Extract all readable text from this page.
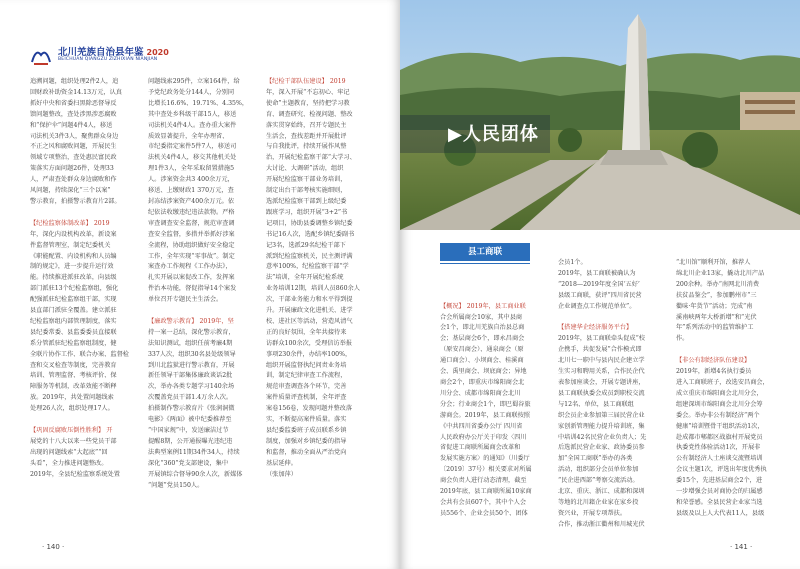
北川羌族自治县年鉴 2020
BEICHUAN QIANGZU ZIZHIXIAN NIANJIAN
追溯问题，组织处理2件2人，追
回财政补助资金14.13万元，认真
抓好中央和省委扫黑除恶督导反
馈问题整改，查处涉黑涉恶腐败
和“保护伞”问题4件4人，移送
司法机关3件3人，聚焦群众身边
不正之风和腐败问题，开展民生
领域专项整治，查处惠民富民政
策落实方面问题26件，处理33
人，严肃查处群众身边腐败和作
风问题，持续深化“三个以案”
警示教育，拍摄警示教育片2部。

【纪检监察体制改革】 2019
年，深化内设机构改革，新设案
件监督管理室，制定纪委机关
《职能配置、内设机构和人员编
制的规定》，进一步提升运行效
能。持续推进派驻改革，向县级
部门派驻13个纪检监察组，强化
配强派驻纪检监察组干部，实现
县直部门派驻全覆盖。建立派驻
纪检监察组内部管理制度，落实
县纪委常委、县监委委员直接联
系分管派驻纪检监察组制度，健
全联片协作工作、联合办案、监督检
查和交叉检查等制度，完善教育
培训、管理监督、考核评价、保
障服务等机制，改革效能不断释
放。2019年，共处置问题线索
处理26人次，组织处理17人。

【巩固反腐败压倒性胜利】 开
展党的十八大以来一些党员干部
出现的问题线索“大起底”“回
头看”，全力推进问题整改。
2019年，全县纪检监察系统处置
问题线索295件，立案164件，给
予党纪政务处分144人，分别同
比增长16.6%、19.71%、4.35%，
其中查处乡科级干部15人，移送
司法机关4件4人。查办重大案件
质效显著提升，全年办理省、
市纪委指定案件5件7人，移送司
法机关4件4人，移交其他机关处
理1件3人，全年采取留置措施5
人。涉案资金共3 400余万元，
移送、上缴财政1 370万元，查
封冻结涉案资产400余万元。依
纪依法收缴违纪违法款物。严格
审查调查安全监督，规范审查调
查安全监督，多措并举抓好涉案
全流程，协助组织做好安全稳定
工作，全年实现“零事故”。制定
案查办工作规程《工作办法》，
扎实开展以案促改工作，发挥案
件治本功能，督促指导14个案发
单位召开专题民主生活会。

【廉政警示教育】 2019年，坚
持一案一总结，深化警示教育，
法知识测试，组织任前考廉4期
337人次，组织30名县处级领导
到川北监狱进行警示教育，开展
新任领导干部集体廉政谈话2批
次，举办各类专题学习140余场
次覆盖党员干部1.4万余人次。
拍摄制作警示教育片《张润洞微
电影》《两面》被中纪委推荐至
“中国家规”中，发送廉洁过节
提醒8期，公开通报曝光违纪违
法典型案例11期34件34人，持续
深化“360”党支部建设，集中
开展镇综合督导90余人次，新媒体
“问题”党员150人。
【纪检干部队伍建设】 2019
年，深入开展“不忘初心、牢记
使命”主题教育，坚持把学习教
育、调查研究、检视问题、整改
落实贯穿始终，召开专题民主
生活会，查找差距并开展批评
与自我批评，持续开展作风整
治，开展纪检监察干部“大学习、
大讨论、大调研”活动，组织
开展纪检监察干部业务培训，
制定出台干部考核实施细则，
选派纪检监察干部到上级纪委
跟班学习，组织开展“3+2”书
记项目，协助县委调整乡镇纪委
书记16人次，选配乡镇纪委副书
记3名，选派29名纪检干部下
派到纪检监察机关，民主测评满
意率100%，纪检监察干部“学
法”培训，全年开展纪检系统
业务培训12期，培训人员860余人
次，干部业务能力和水平得到提
升。开展廉政文化进机关、进学
校、进社区等活动，营造风清气
正的良好氛围，全年共接待来
访群众100余次，受理信访举报
事项230余件，办结率100%，
组织开展监督执纪问责业务培
训，制定纪律审查工作流程，
规范审查调查各个环节，完善
案件质量评查机制，全年评查
案卷156卷，发现问题并整改落
实，不断提高案件质量。落实
县纪委监委班子成员联系乡镇
制度，加强对乡镇纪委的指导
和监督，推动全面从严治党向
基层延伸。
（张加萍）
· 140 ·
▶人民团体
县工商联

【概况】 2019年，县工商业联
合会所属商会10家，其中县商
会1个，即北川羌族自治县总商
会；基层商会6个，即永昌商会
（原安昌商会）、通泉商会（原
通口商会）、小坝商会、桂溪商
会、禹里商会、坝底商会；异地
商会2个，即重庆市绵阳商会北
川分会、成都市绵阳商会北川
分会；行业商会1个，即巴蜀谷旅
游商会。2019年，县工商联按照
《中共四川省委办公厅 四川省
人民政府办公厅关于印发〈四川
省促进工商联所属商会改革和
发展实施方案〉的通知》（川委厅
〔2019〕37号）相关要求对所属
商会负责人进行动态清理，截至
2019年底，县工商联所属10家商
会共有会员607个，其中个人会
员556个、企业会员50个、团体
会员1个。
2019年，县工商联被确认为
“2018—2019年度全国‘五好’
县级工商联，获评“四川省民营
企业调查点工作规范单位”。

【搭建华企经济服务平台】
2019年，县工商联牵头促成“校
企携手，共促发展”合作模式即
北川七一职中与县内民企建立学
生实习和聘用关系，合作民企代
表参加座谈会，开展专题讲座，
县工商联执委会成员到职校交流
与12名、单位，县工商联组
织会员企业参加第三届民营企业
家创新管理能力提升培训班，集
中培训42名民营企业负责人；先
后选派民营企业家、政协委员参
加“全国工商联”举办的各类
活动，组织部分会员单位参加
“民企进西部”考察交流活动。
北京、重庆、浙江、成都和深圳
等地的北川籍企业家在家乡投
资兴业，开展专项帮扶。
合作，推动浙江衢州和川城光伏
“北川馆”顺利开馆，推荐人
绵北川企业13家，撬动北川产品
200余种。举办“南网北川消费
扶贫品鉴会”，参加鹏州市“三
衢味·年货节”活动；完成“南
溪南峡两年大桥新增”和“光伏
年”系列活动中的监管维护工
作。

【非公有制经济队伍建设】
2019年，新增4名执行委员
进入工商联班子，改选安昌商会，
成立重庆市绵阳商会北川分会，
组建深圳市绵阳商会北川分会筹
委会。举办非公有制经济“两个
健康”培训暨骨干组织活动1次，
赴成都市郫都区战旗村开展党员
执委党性体验活动1次，开展非
公有制经济人士座谈交流暨培训
会议主题1次，评选出年度优秀执
委15个，先进基层商会2个，进
一步增强会员对商协会的归属感
和荣誉感。全县民营企业家当选
县级及以上人大代表11人，县级
· 141 ·
